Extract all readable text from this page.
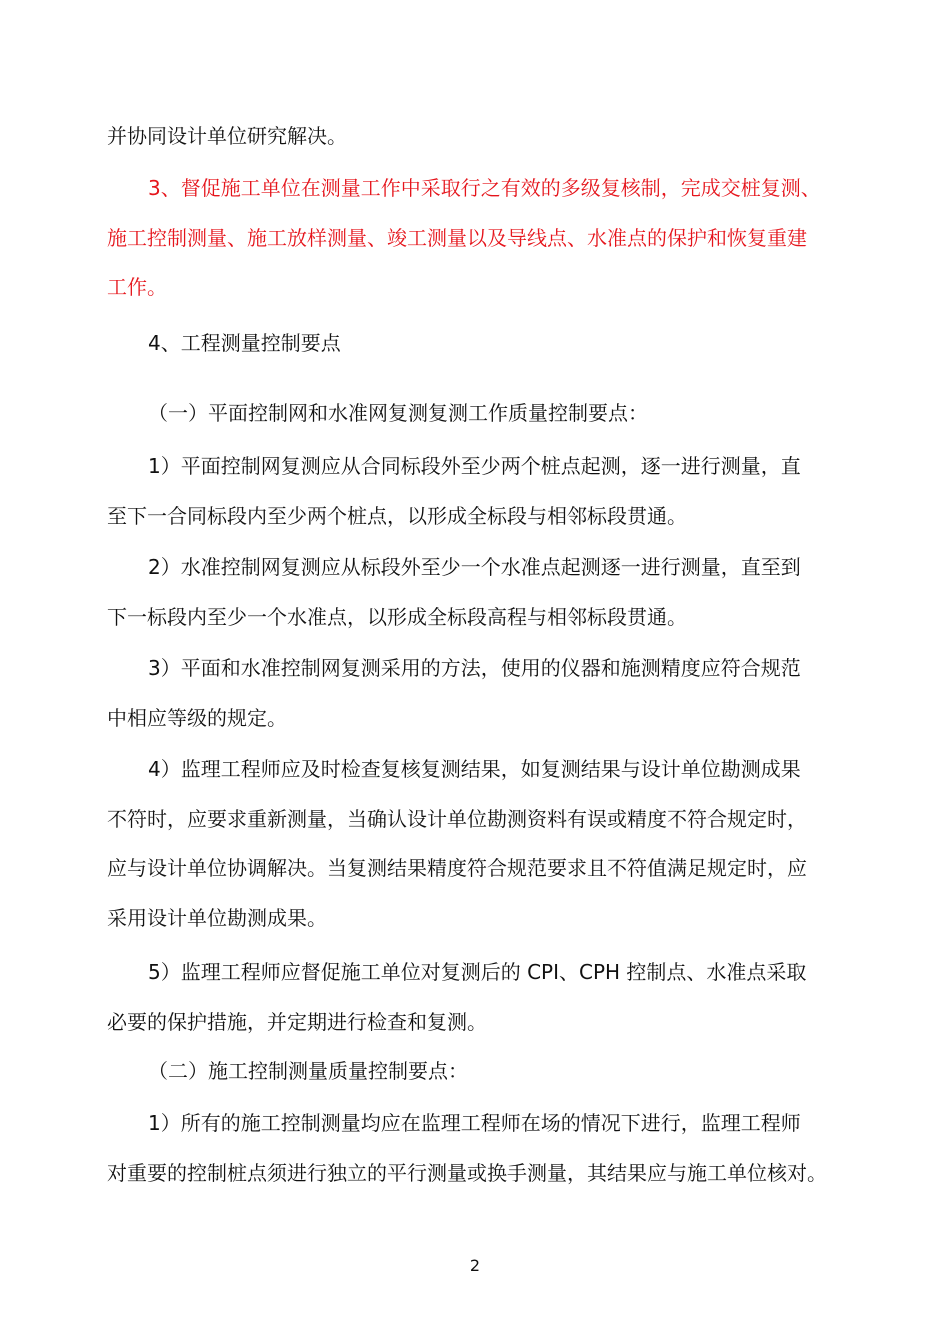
并协同设计单位研究解决。
3、督促施工单位在测量工作中采取行之有效的多级复核制，完成交桩复测、
施工控制测量、施工放样测量、竣工测量以及导线点、水准点的保护和恢复重建
工作。
4、工程测量控制要点
（一）平面控制网和水准网复测复测工作质量控制要点：
1）平面控制网复测应从合同标段外至少两个桩点起测，逐一进行测量，直
至下一合同标段内至少两个桩点，以形成全标段与相邻标段贯通。
2）水准控制网复测应从标段外至少一个水准点起测逐一进行测量，直至到
下一标段内至少一个水准点，以形成全标段高程与相邻标段贯通。
3）平面和水准控制网复测采用的方法，使用的仪器和施测精度应符合规范
中相应等级的规定。
4）监理工程师应及时检查复核复测结果，如复测结果与设计单位勘测成果
不符时，应要求重新测量，当确认设计单位勘测资料有误或精度不符合规定时，
应与设计单位协调解决。当复测结果精度符合规范要求且不符值满足规定时，应
采用设计单位勘测成果。
5）监理工程师应督促施工单位对复测后的 CPI、CPH 控制点、水准点采取
必要的保护措施，并定期进行检查和复测。
（二）施工控制测量质量控制要点：
1）所有的施工控制测量均应在监理工程师在场的情况下进行，监理工程师
对重要的控制桩点须进行独立的平行测量或换手测量，其结果应与施工单位核对。
2
